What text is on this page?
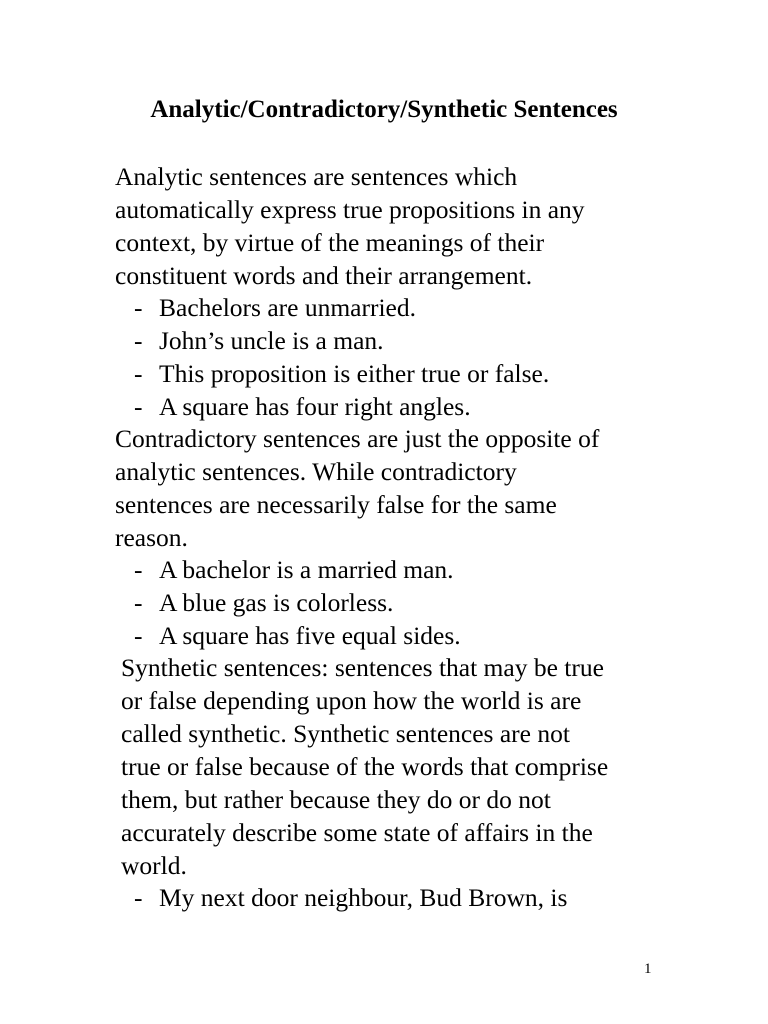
Analytic/Contradictory/Synthetic Sentences
Analytic sentences are sentences which
automatically express true propositions in any
context, by virtue of the meanings of their
constituent words and their arrangement.
- Bachelors are unmarried.
- John’s uncle is a man.
- This proposition is either true or false.
- A square has four right angles.
Contradictory sentences are just the opposite of
analytic sentences. While contradictory
sentences are necessarily false for the same
reason.
- A bachelor is a married man.
- A blue gas is colorless.
- A square has five equal sides.
Synthetic sentences: sentences that may be true
or false depending upon how the world is are
called synthetic. Synthetic sentences are not
true or false because of the words that comprise
them, but rather because they do or do not
accurately describe some state of affairs in the
world.
- My next door neighbour, Bud Brown, is
1
